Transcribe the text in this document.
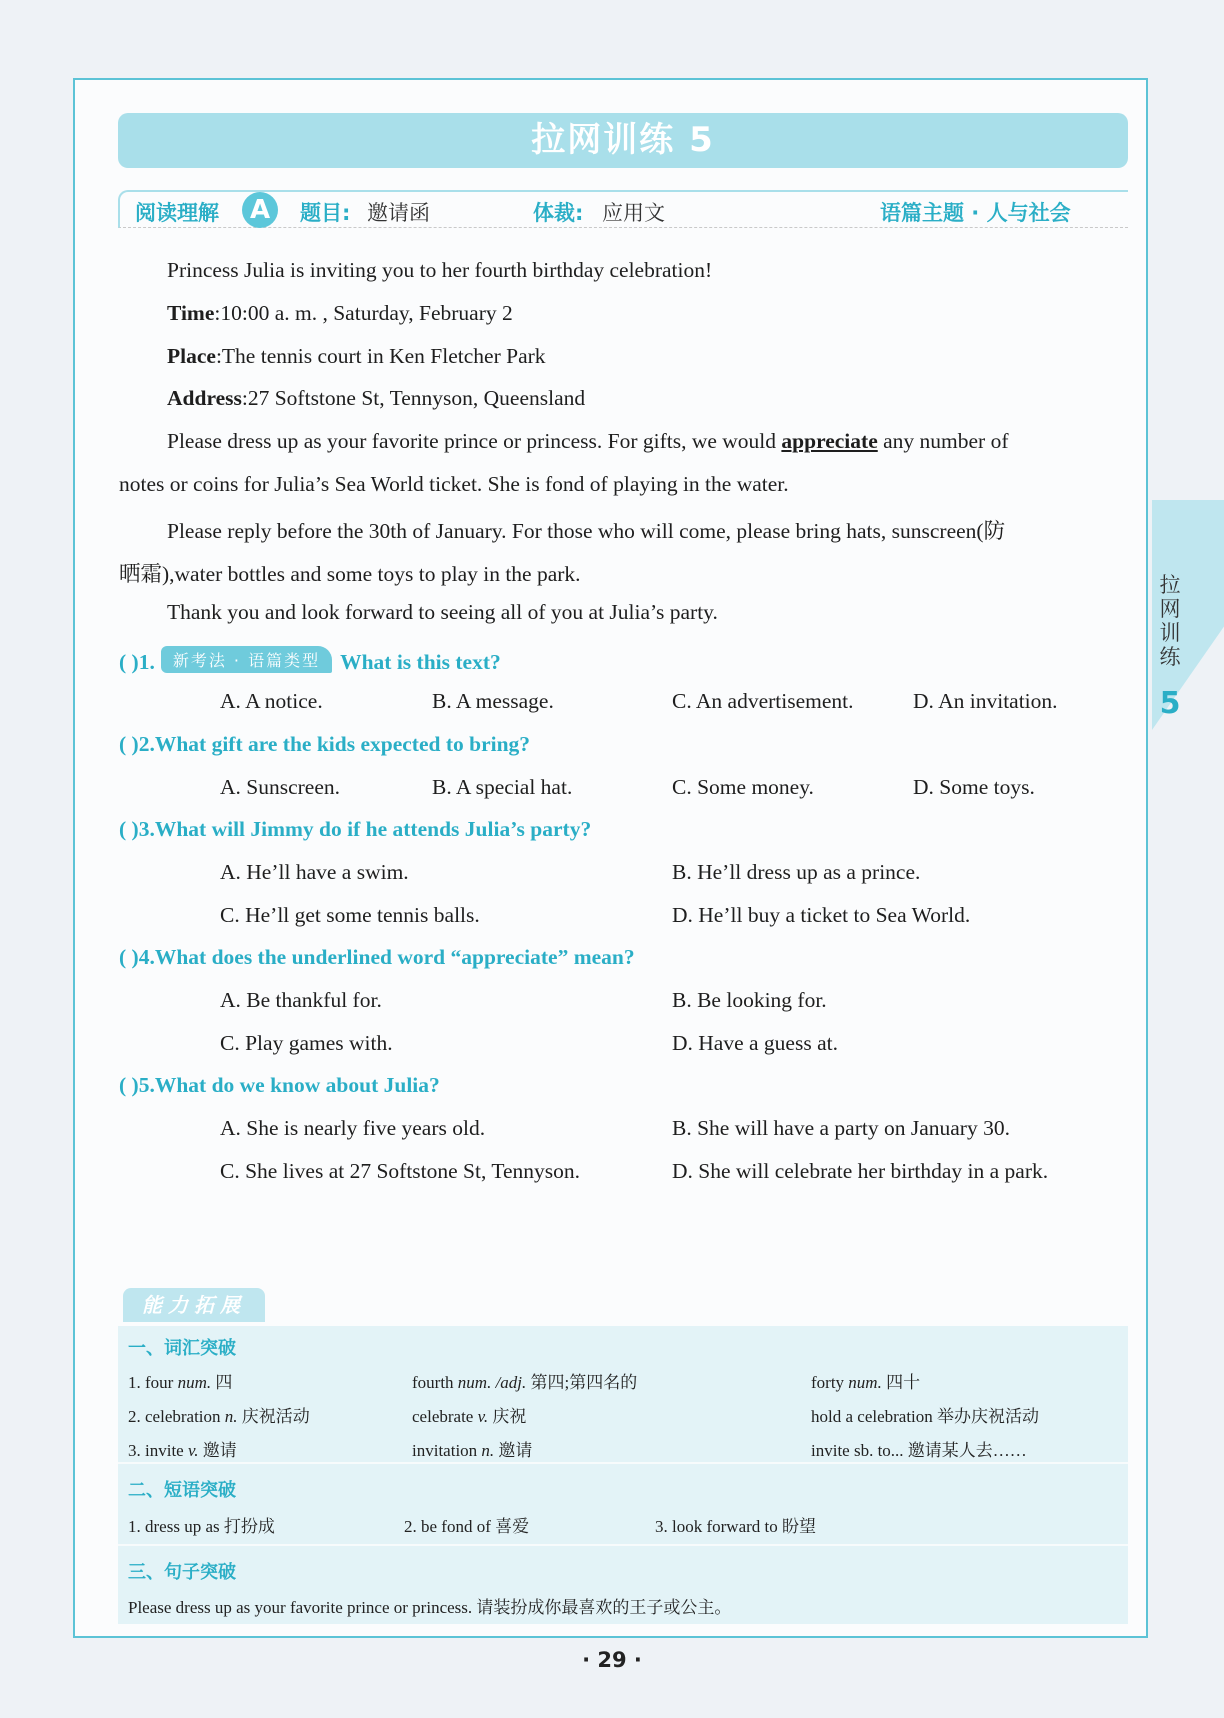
拉网训练 5
阅读理解	A	题目: 邀请函	体裁: 应用文	语篇主题 · 人与社会
Princess Julia is inviting you to her fourth birthday celebration!
Time:10:00 a. m. , Saturday, February 2
Place:The tennis court in Ken Fletcher Park
Address:27 Softstone St, Tennyson, Queensland
Please dress up as your favorite prince or princess. For gifts, we would appreciate any number of
notes or coins for Julia’s Sea World ticket. She is fond of playing in the water.
Please reply before the 30th of January. For those who will come, please bring hats, sunscreen(防
晒霜),water bottles and some toys to play in the park.
Thank you and look forward to seeing all of you at Julia’s party.
( )1. 新考法 · 语篇类型 What is this text?
A. A notice.	B. A message.	C. An advertisement.	D. An invitation.
( )2.What gift are the kids expected to bring?
A. Sunscreen.	B. A special hat.	C. Some money.	D. Some toys.
( )3.What will Jimmy do if he attends Julia’s party?
A. He’ll have a swim.	B. He’ll dress up as a prince.
C. He’ll get some tennis balls.	D. He’ll buy a ticket to Sea World.
( )4.What does the underlined word “appreciate” mean?
A. Be thankful for.	B. Be looking for.
C. Play games with.	D. Have a guess at.
( )5.What do we know about Julia?
A. She is nearly five years old.	B. She will have a party on January 30.
C. She lives at 27 Softstone St, Tennyson.	D. She will celebrate her birthday in a park.
拉网训练
5
能力拓展
一、词汇突破
1. four num. 四	fourth num. /adj. 第四;第四名的	forty num. 四十
2. celebration n. 庆祝活动	celebrate v. 庆祝	hold a celebration 举办庆祝活动
3. invite v. 邀请	invitation n. 邀请	invite sb. to... 邀请某人去……
二、短语突破
1. dress up as 打扮成	2. be fond of 喜爱	3. look forward to 盼望
三、句子突破
Please dress up as your favorite prince or princess. 请装扮成你最喜欢的王子或公主。
· 29 ·
